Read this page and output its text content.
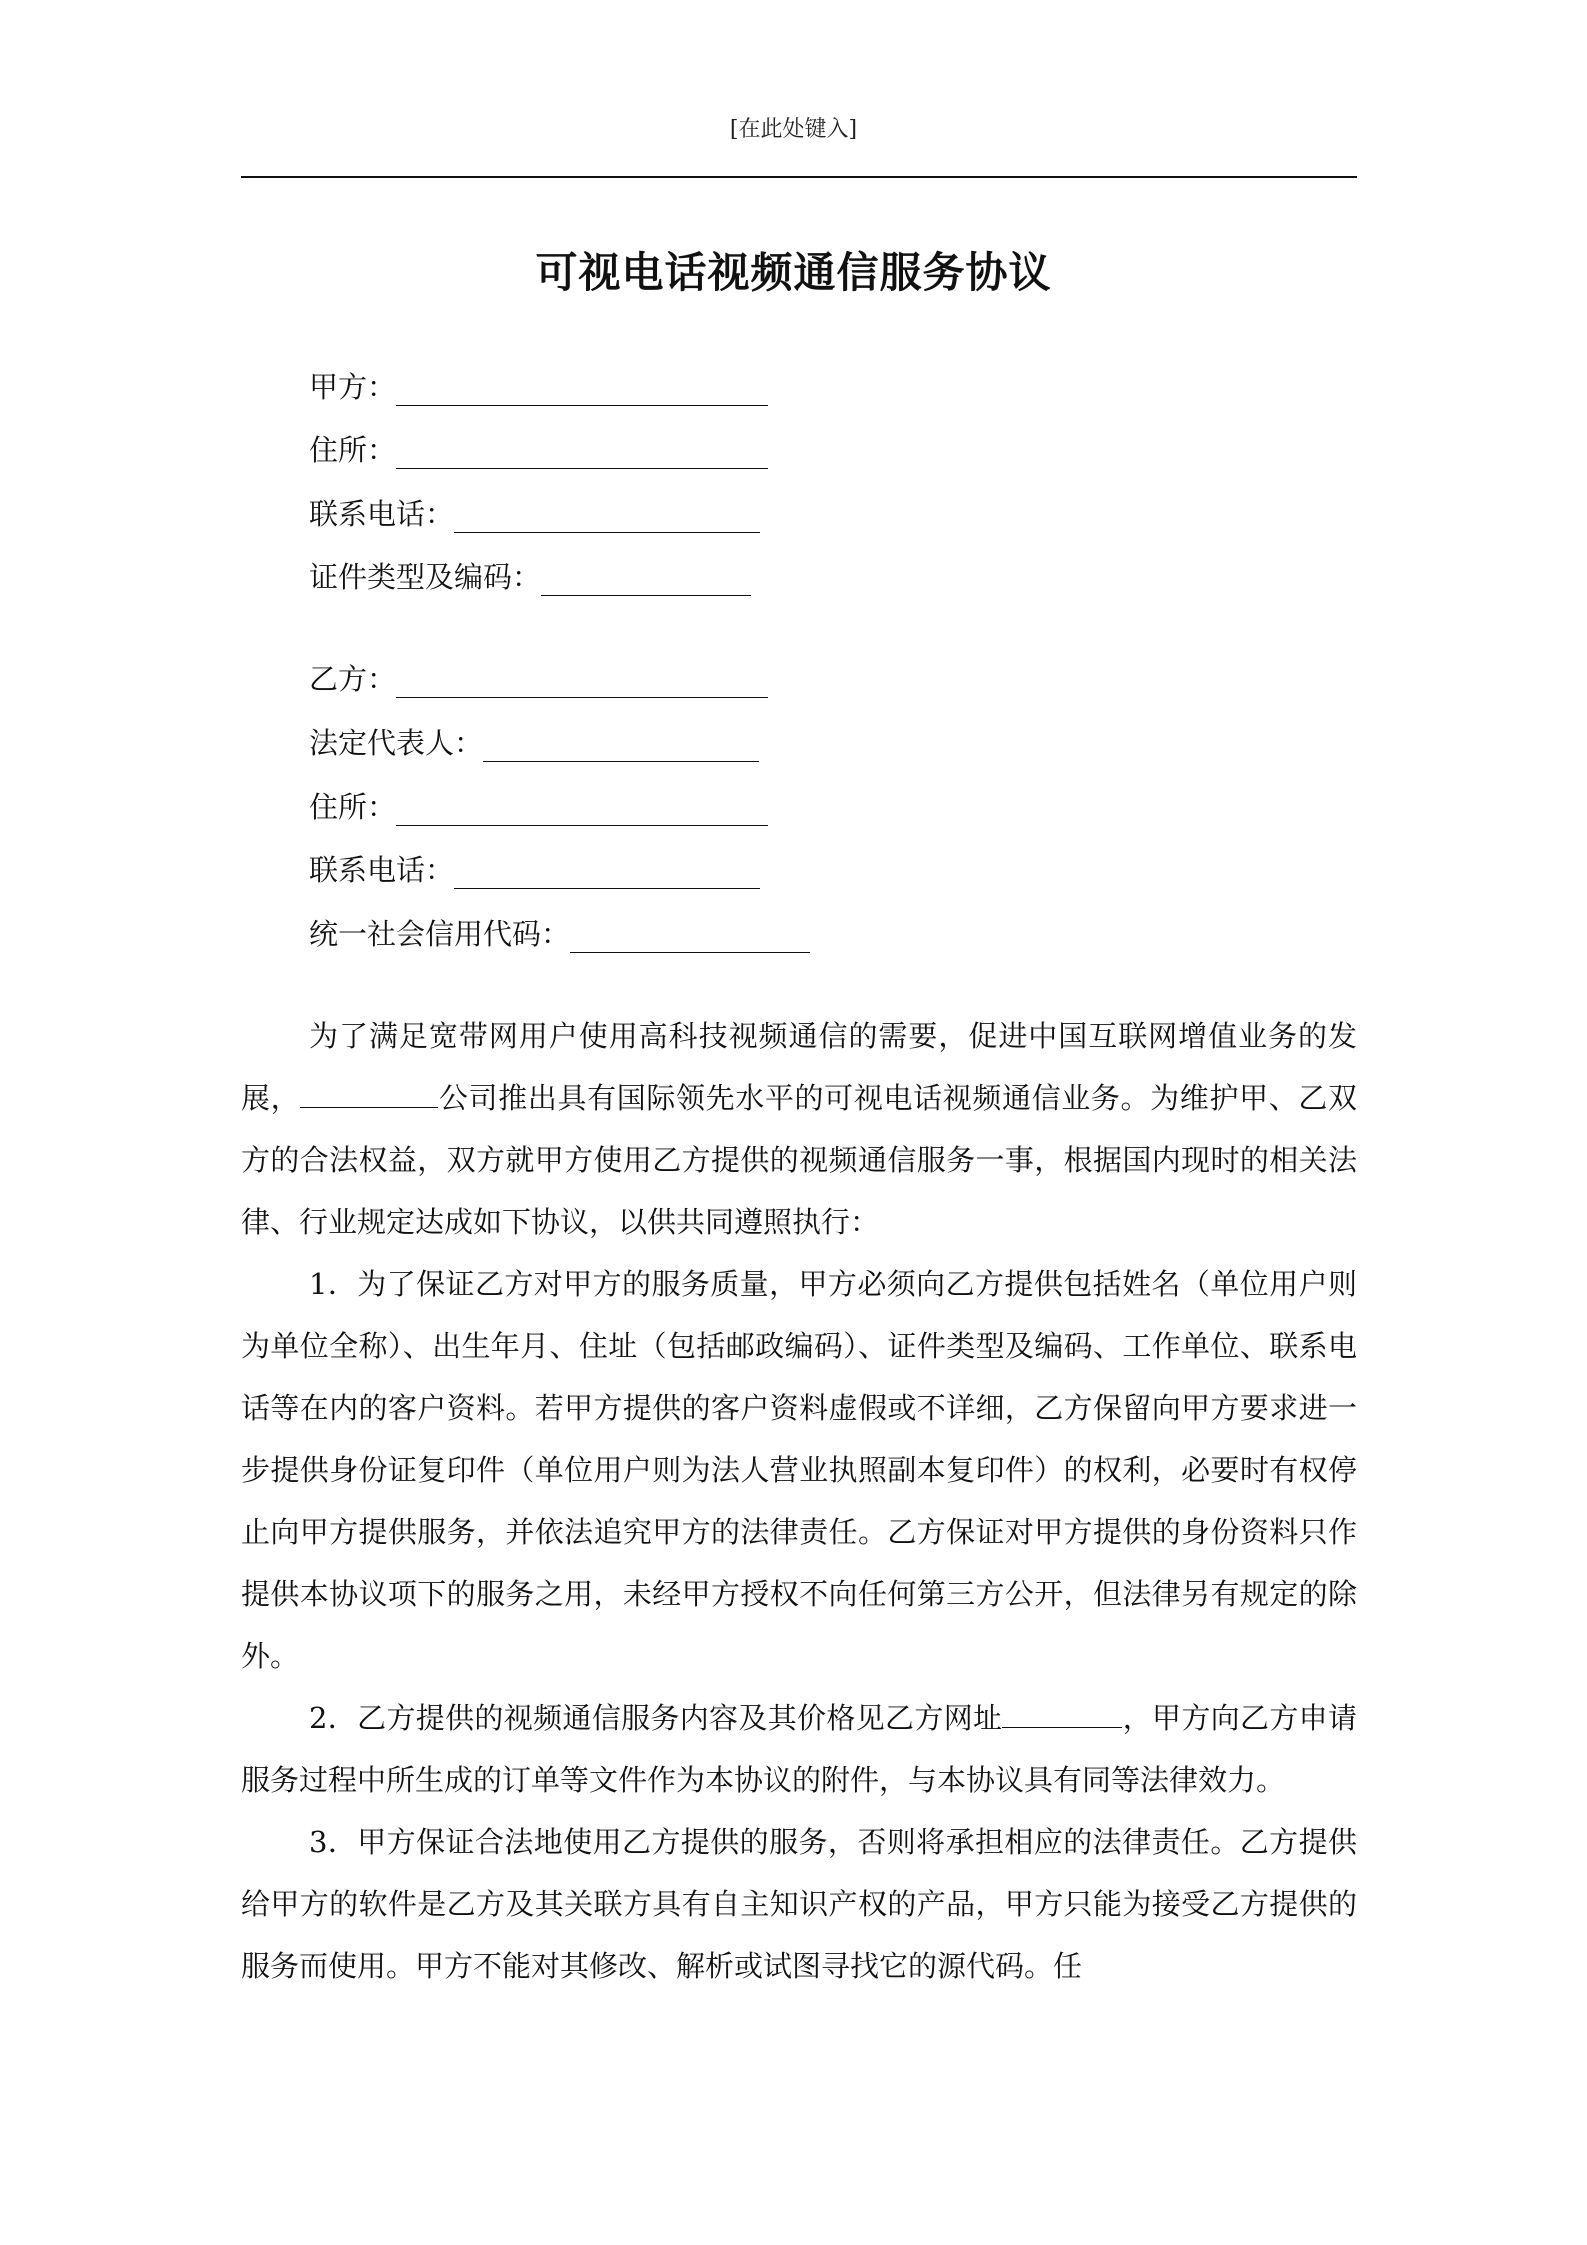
[在此处键入]
可视电话视频通信服务协议
甲方：
住所：
联系电话：
证件类型及编码：
乙方：
法定代表人：
住所：
联系电话：
统一社会信用代码：

为了满足宽带网用户使用高科技视频通信的需要，促进中国互联网增值业务的发展，	公司推出具有国际领先水平的可视电话视频通信业务。为维护甲、乙双方的合法权益，双方就甲方使用乙方提供的视频通信服务一事，根据国内现时的相关法律、行业规定达成如下协议，以供共同遵照执行：

1．为了保证乙方对甲方的服务质量，甲方必须向乙方提供包括姓名（单位用户则为单位全称）、出生年月、住址（包括邮政编码）、证件类型及编码、工作单位、联系电话等在内的客户资料。若甲方提供的客户资料虚假或不详细，乙方保留向甲方要求进一步提供身份证复印件（单位用户则为法人营业执照副本复印件）的权利，必要时有权停止向甲方提供服务，并依法追究甲方的法律责任。乙方保证对甲方提供的身份资料只作提供本协议项下的服务之用，未经甲方授权不向任何第三方公开，但法律另有规定的除外。

2．乙方提供的视频通信服务内容及其价格见乙方网址	，甲方向乙方申请服务过程中所生成的订单等文件作为本协议的附件，与本协议具有同等法律效力。

3．甲方保证合法地使用乙方提供的服务，否则将承担相应的法律责任。乙方提供给甲方的软件是乙方及其关联方具有自主知识产权的产品，甲方只能为接受乙方提供的服务而使用。甲方不能对其修改、解析或试图寻找它的源代码。任
